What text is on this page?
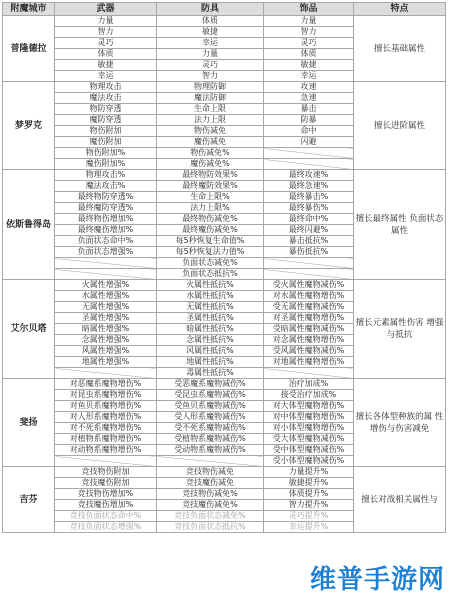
附魔城市	武器	防具	饰品	特点
普隆德拉	力量	体质	力量	擅长基础属性
	智力	敏捷	智力	
	灵巧	幸运	灵巧	
	体质	力量	体质	
	敏捷	灵巧	敏捷	
	幸运	智力	幸运	
梦罗克	物理攻击	物理防御	攻速	擅长进阶属性
	魔法攻击	魔法防御	急速	
	物防穿透	生命上限	暴击	
	魔防穿透	法力上限	防暴	
	物伤附加	物伤减免	命中	
	魔伤附加	魔伤减免	闪避	
	物伤附加%	物伤减免%		
	魔伤附加%	魔伤减免%		
依斯鲁得岛	物理攻击%	最终物防效果%	最终攻速%	擅长最终属性 负面状态属性
	魔法攻击%	最终魔防效果%	最终急速%	
	最终物防穿透%	生命上限%	最终暴击%	
	最终魔防穿透%	法力上限%	最终暴伤%	
	最终物伤增加%	最终物伤减免%	最终命中%	
	最终魔伤增加%	最终魔伤减免%	最终闪避%	
	负面状态命中%	每5秒恢复生命值%	暴击抵抗%	
	负面状态增强%	每5秒恢复法力值%	暴伤抵抗%	
		负面状态减免%		
		负面状态抵抗%		
艾尔贝塔	火属性增强%	火属性抵抗%	受火属性魔物减伤%	擅长元素属性伤害 增强与抵抗
	水属性增强%	水属性抵抗%	对水属性魔物增伤%	
	无属性增强%	无属性抵抗%	受无属性魔物减伤%	
	圣属性增强%	圣属性抵抗%	对圣属性魔物增伤%	
	暗属性增强%	暗属性抵抗%	受暗属性魔物减伤%	
	念属性增强%	念属性抵抗%	对念属性魔物增伤%	
	风属性增强%	风属性抵抗%	受风属性魔物减伤%	
	地属性增强%	地属性抵抗%	对地属性魔物增伤%	
		毒属性抵抗%		
斐扬	对恶魔系魔物增伤%	受恶魔系魔物减伤%	治疗加成%	擅长各体型种族的属 性增伤与伤害减免
	对昆虫系魔物增伤%	受昆虫系魔物减伤%	接受治疗加成%	
	对鱼贝系魔物增伤%	受鱼贝系魔物减伤%	对大体型魔物增伤%	
	对人形系魔物增伤%	受人形系魔物减伤%	对中体型魔物增伤%	
	对不死系魔物增伤%	受不死系魔物减伤%	对小体型魔物增伤%	
	对植物系魔物增伤%	受植物系魔物减伤%	受大体型魔物减伤%	
	对动物系魔物增伤%	受动物系魔物减伤%	受中体型魔物减伤%	
			受小体型魔物减伤%	
吉芬	竞技物伤附加	竞技物伤减免	力量提升%	擅长对战相关属性与
	竞技魔伤附加	竞技魔伤减免	敏捷提升%	
	竞技物伤增加%	竞技物伤减免%	体质提升%	
	竞技魔伤增加%	竞技魔伤减免%	智力提升%	
	竞技负面状态命中%	竞技负面状态减免%	灵巧提升%	
	竞技负面状态增强%	竞技负面状态抵抗%	幸运提升%	
维普手游网
